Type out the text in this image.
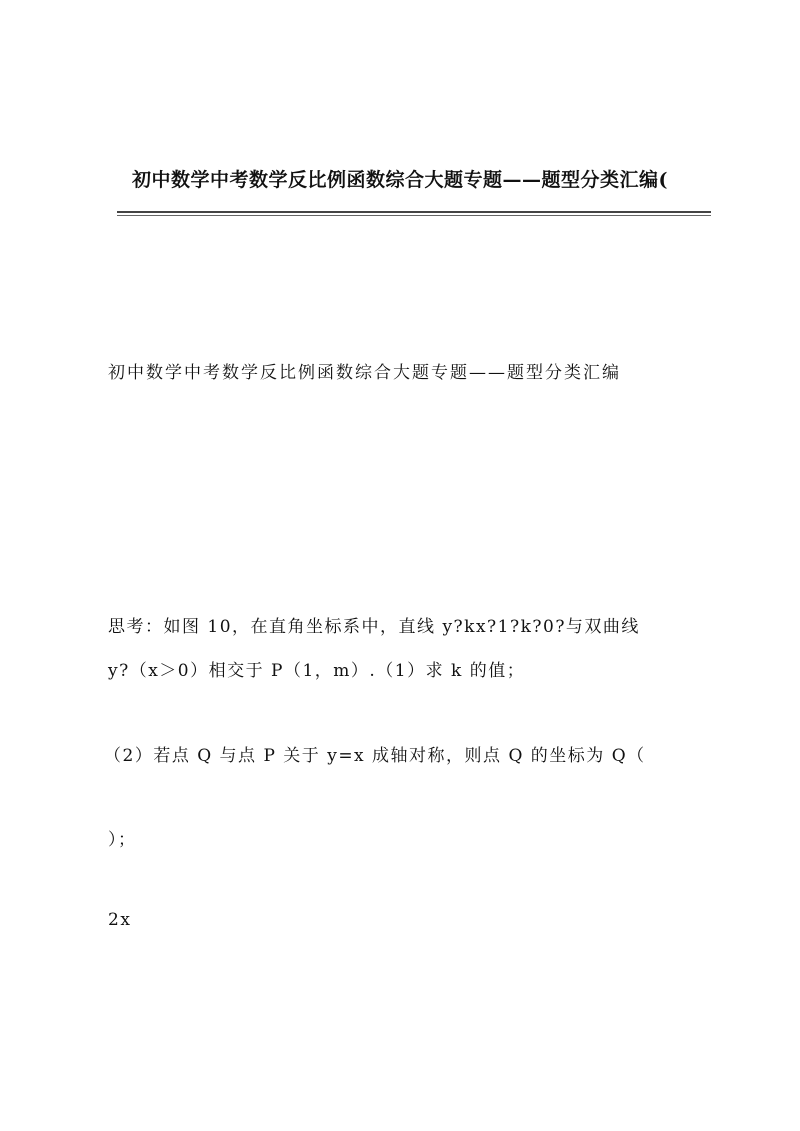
初中数学中考数学反比例函数综合大题专题——题型分类汇编(
初中数学中考数学反比例函数综合大题专题——题型分类汇编
思考：如图 10，在直角坐标系中，直线 y?kx?1?k?0?与双曲线
y?（x＞0）相交于 P（1，m）.（1）求 k 的值；
（2）若点 Q 与点 P 关于 y=x 成轴对称，则点 Q 的坐标为 Q（
）；
2x
